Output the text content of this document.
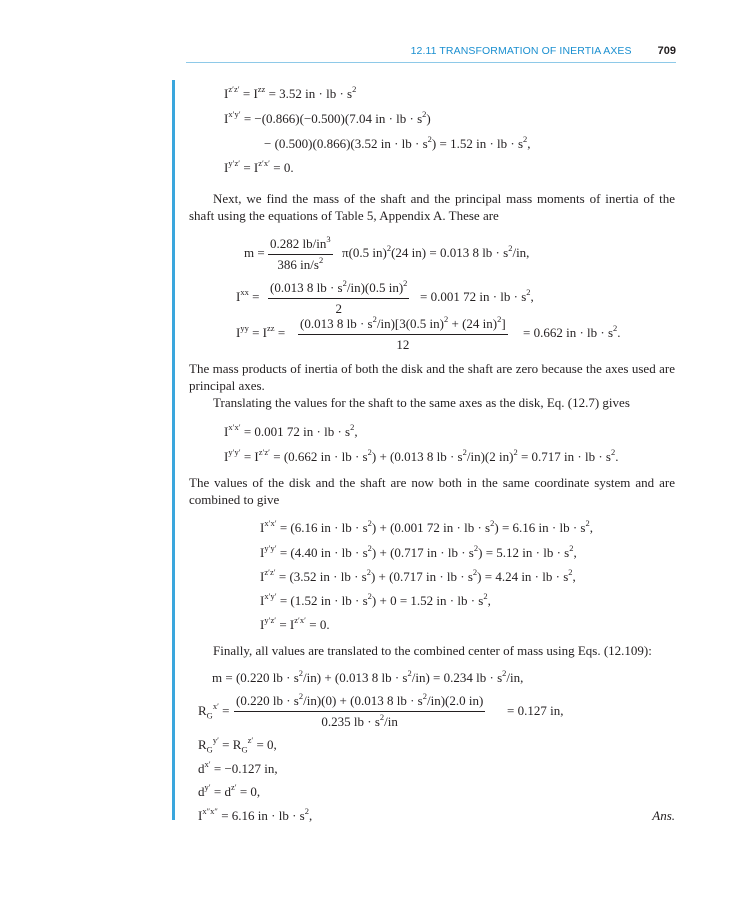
12.11 TRANSFORMATION OF INERTIA AXES 709
$I^{z'z'} = I^{zz} = 3.52$ in · lb · $s^2$
$I^{x'y'} = -(0.866)(-0.500)(7.04$ in · lb · $s^2$)
− (0.500)(0.866)(3.52 in · lb · $s^2) = 1.52$ in · lb · $s^2$,
$I^{y'z'} = I^{z'x'} = 0$.
Next, we find the mass of the shaft and the principal mass moments of inertia of the shaft using the equations of Table 5, Appendix A. These are
$m = \frac{0.282 lb/in^3}{386 in/s^2} \pi(0.5$ in)$^2$(24 in) = 0.013 8 lb · $s^2/in$,
$I^{xx} = \frac{(0.013 8 lb \cdot s^2/in)(0.5 in)^2}{2} = 0.001$ 72 in · lb · $s^2$,
$I^{yy} = I^{zz} = \frac{(0.013 8 lb \cdot s^2/in)[3(0.5 in)^2 + (24 in)^2]}{12} = 0.662$ in · lb · $s^2$.
The mass products of inertia of both the disk and the shaft are zero because the axes used are principal axes.
Translating the values for the shaft to the same axes as the disk, Eq. (12.7) gives
$I^{x'x'} = 0.001$ 72 in · lb · $s^2$,
$I^{y'y'} = I^{z'z'} = (0.662$ in · lb · $s^2) + (0.013$ 8 lb · $s^2/in)(2$ in)$^2$ = 0.717 in · lb · $s^2$.
The values of the disk and the shaft are now both in the same coordinate system and are combined to give
$I^{x'x'} = (6.16$ in · lb · $s^2) + (0.001$ 72 in · lb · $s^2) = 6.16$ in · lb · $s^2$,
$I^{y'y'} = (4.40$ in · lb · $s^2) + (0.717$ in · lb · $s^2) = 5.12$ in · lb · $s^2$,
$I^{z'z'} = (3.52$ in · lb · $s^2) + (0.717$ in · lb · $s^2) = 4.24$ in · lb · $s^2$,
$I^{x'y'} = (1.52$ in · lb · $s^2) + 0 = 1.52$ in · lb · $s^2$,
$I^{y'z'} = I^{z'x'} = 0$.
Finally, all values are translated to the combined center of mass using Eqs. (12.109):
m = (0.220 lb · $s^2/in) + (0.013$ 8 lb · $s^2/in) = 0.234$ lb · $s^2/in$,
$R_G^{x'} = \frac{(0.220 lb \cdot s^2/in)(0) + (0.013 8 lb \cdot s^2/in)(2.0 in)}{0.235 lb \cdot s^2/in} = 0.127$ in,
$R_G^{y'} = R_G^{z'} = 0$,
$d^{x'} = -0.127$ in,
$d^{y'} = d^{z'} = 0$,
$I^{x''x''} = 6.16$ in · lb · $s^2$,	Ans.
